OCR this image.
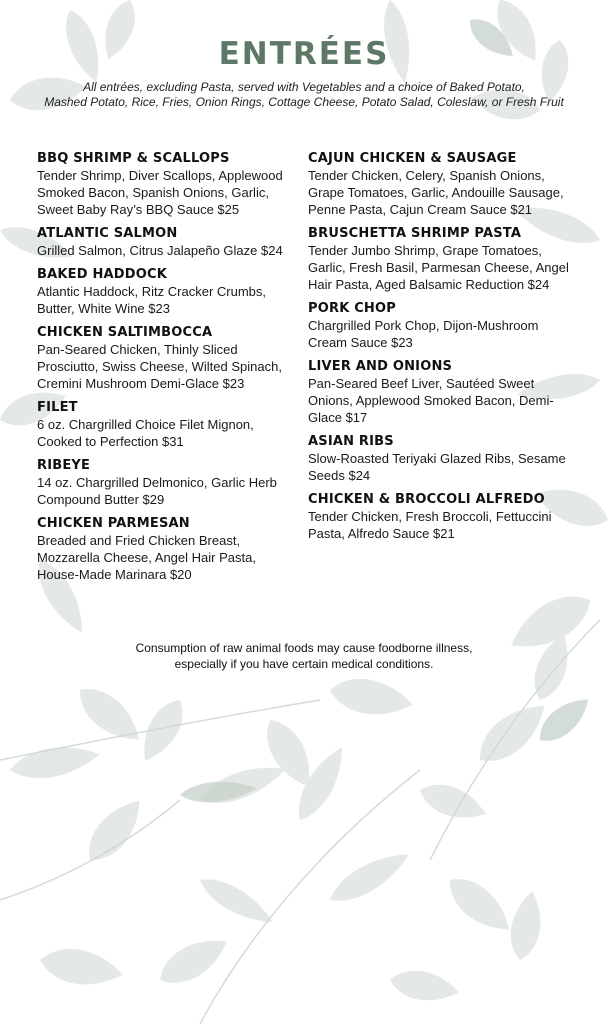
ENTRÉES
All entrées, excluding Pasta, served with Vegetables and a choice of Baked Potato,
Mashed Potato, Rice, Fries, Onion Rings, Cottage Cheese, Potato Salad, Coleslaw, or Fresh Fruit
BBQ SHRIMP & SCALLOPS
Tender Shrimp, Diver Scallops, Applewood Smoked Bacon, Spanish Onions, Garlic, Sweet Baby Ray’s BBQ Sauce $25
ATLANTIC SALMON
Grilled Salmon, Citrus Jalapeño Glaze $24
BAKED HADDOCK
Atlantic Haddock, Ritz Cracker Crumbs, Butter, White Wine $23
CHICKEN SALTIMBOCCA
Pan-Seared Chicken, Thinly Sliced Prosciutto, Swiss Cheese, Wilted Spinach, Cremini Mushroom Demi-Glace $23
FILET
6 oz. Chargrilled Choice Filet Mignon, Cooked to Perfection $31
RIBEYE
14 oz. Chargrilled Delmonico, Garlic Herb Compound Butter $29
CHICKEN PARMESAN
Breaded and Fried Chicken Breast, Mozzarella Cheese, Angel Hair Pasta, House-Made Marinara $20
CAJUN CHICKEN & SAUSAGE
Tender Chicken, Celery, Spanish Onions, Grape Tomatoes, Garlic, Andouille Sausage, Penne Pasta, Cajun Cream Sauce $21
BRUSCHETTA SHRIMP PASTA
Tender Jumbo Shrimp, Grape Tomatoes, Garlic, Fresh Basil, Parmesan Cheese, Angel Hair Pasta, Aged Balsamic Reduction $24
PORK CHOP
Chargrilled Pork Chop, Dijon-Mushroom Cream Sauce $23
LIVER AND ONIONS
Pan-Seared Beef Liver, Sautéed Sweet Onions, Applewood Smoked Bacon, Demi-Glace $17
ASIAN RIBS
Slow-Roasted Teriyaki Glazed Ribs, Sesame Seeds $24
CHICKEN & BROCCOLI ALFREDO
Tender Chicken, Fresh Broccoli, Fettuccini Pasta, Alfredo Sauce $21
Consumption of raw animal foods may cause foodborne illness,
especially if you have certain medical conditions.
